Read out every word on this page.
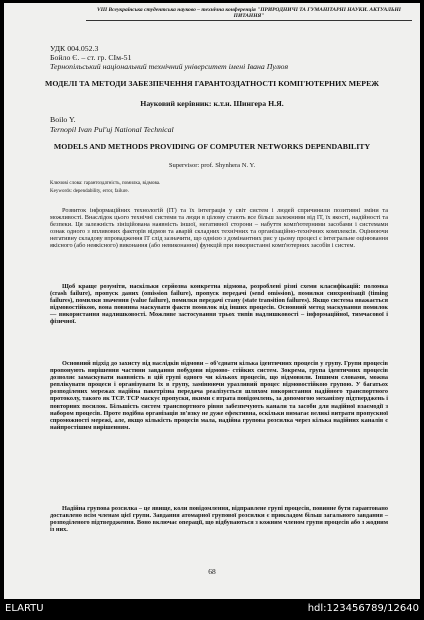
VIII Всеукраїнська студентська науково – технічна конференція "ПРИРОДНИЧІ ТА ГУМАНІТАРНІ НАУКИ. АКТУАЛЬНІ ПИТАННЯ"
УДК 004.052.3
Бойло Є. – ст. гр. СІм-51
Тернопільський національний технічний університет імені Івана Пулюя
МОДЕЛІ ТА МЕТОДИ ЗАБЕЗПЕЧЕННЯ ГАРАНТОЗДАТНОСТІ КОМП'ЮТЕРНИХ МЕРЕЖ
Науковий керівник: к.т.н. Шингера Н.Я.
Boilo Y.
Ternopil Ivan Pul'uj National Technical
MODELS AND METHODS PROVIDING OF COMPUTER NETWORKS DEPENDABILITY
Supervisor: prof. Shynhera N. Y.
Ключові слова: гарантоздатність, помилка, відмова.
Keywords: dependability, error, failure.
Розвиток інформаційних технологій (ІТ) та їх інтеграція у світ систем і людей спричинили позитивні зміни та можливості. Внаслідок цього технічні системи та люди в цілому стають все більш залежними від ІТ, їх якості, надійності та безпеки. Ця залежність зініційована наявність іншої, негативної сторони – набуття комп'ютерними засобами і системами ознак одного з впливових факторів відмов та аварій складних технічних та організаційно-технічних комплексів. Оцінюючи негативну складову впровадження ІТ слід зазначити, що однією з домінантних рис у цьому процесі є інтегральне оцінювання якісного (або неякісного) виконання (або невиконання) функцій при використанні комп'ютерних засобів і систем.
Щоб краще розуміти, наскільки серйозна конкретна відмова, розроблені різні схеми класифікацій: поломка (crash failure), пропуск даних (omission failure), пропуск передачі (send omission), помилки синхронізації (timing failures), помилки значення (value failure), помилки передачі стану (state transition failures). Якщо система вважається відмовостійкою, вона повинна маскувати факти помилок від інших процесів. Основний метод маскування помилок — використання надлишковості. Можливе застосування трьох типів надлишковості – інформаційної, тимчасової і фізичної.
Основний підхід до захисту від наслідків відмови – об'єднати кілька ідентичних процесів у групу. Групи процесів пропонують вирішення частини завдання побудови відмово- стійких систем. Зокрема, група ідентичних процесів дозволяє замаскувати наявність в цій групі одного чи кількох процесів, що відмовили. Іншими словами, можна реплікувати процеси і організувати їх в групу, замінюючи уразливий процес відмовостійкою групою. У багатьох розподілених мережах надійна пакетрізна передача реалізується шляхом використання надійного транспортного протоколу, такого як TCP. TCP маскує пропуски, якими є втрата повідомлень, за допомогою механізму підтверджень і повторних посилок. Більшість систем транспортного рівня забезпечують канали та засоби для надійної взаємодії з набором процесів. Проте подібна організація зв'язку не дуже ефективна, оскільки вимагає великі витрати пропускної спроможності мережі, але, якщо кількість процесів мала, надійна групова розсилка через кілька надійних каналів є найпростішим вирішенням.
Надійна групова розсилка – це явище, коли повідомлення, відправлене групі процесів, повинне бути гарантовано доставлено всім членам цієї групи. Завдання атомарної групової розсилки є прикладом більш загального завдання – розподіленого підтвердження. Воно включає операції, що відбуваються з кожним членом групи процесів або з жодним із них.
68
ELARTU	hdl:123456789/12640
